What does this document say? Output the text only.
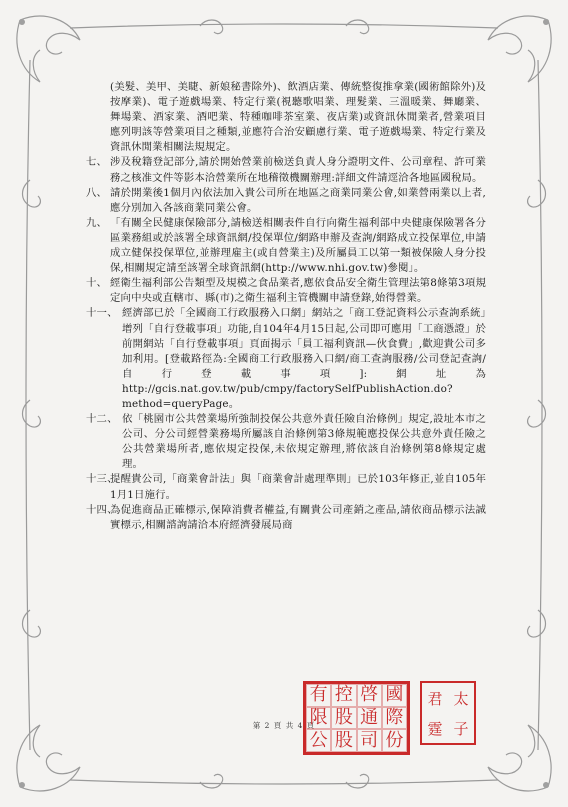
(美髮、美甲、美睫、新娘秘書除外)、飲酒店業、傳統整復推拿業(國術館除外)及按摩業)、電子遊戲場業、特定行業(視聽歌唱業、理髮業、三溫暖業、舞廳業、舞場業、酒家業、酒吧業、特種咖啡茶室業、夜店業)或資訊休閒業者,營業項目應列明該等營業項目之種類,並應符合治安顧慮行業、電子遊戲場業、特定行業及資訊休閒業相關法規規定。

七、 涉及稅籍登記部分,請於開始營業前檢送負責人身分證明文件、公司章程、許可業務之核准文件等影本洽營業所在地稽徵機關辦理:詳細文件請逕洽各地區國稅局。

八、 請於開業後1個月內依法加入貴公司所在地區之商業同業公會,如業營兩業以上者,應分別加入各該商業同業公會。

九、 「有關全民健康保險部分,請檢送相關表件自行向衛生福利部中央健康保險署各分區業務組或於該署全球資訊網/投保單位/網路申辦及查詢/網路成立投保單位,申請成立健保投保單位,並辦理雇主(或自營業主)及所屬員工以第一類被保險人身分投保,相關規定請至該署全球資訊網(http://www.nhi.gov.tw)參閱」。

十、 經衛生福利部公告類型及規模之食品業者,應依食品安全衛生管理法第8條第3項規定向中央或直轄市、縣(市)之衛生福利主管機關申請登錄,始得營業。

十一、 經濟部已於「全國商工行政服務入口網」網站之「商工登記資料公示查詢系統」增列「自行登載事項」功能,自104年4月15日起,公司即可應用「工商憑證」於前開網站「自行登載事項」頁面揭示「員工福利資訊—伙食費」,歡迎貴公司多加利用。[登載路徑為:全國商工行政服務入口網/商工查詢服務/公司登記查詢/自行登載事項]:網址為http://gcis.nat.gov.tw/pub/cmpy/factorySelfPublishAction.do?method=queryPage。

十二、 依「桃園市公共營業場所強制投保公共意外責任險自治條例」規定,設址本市之公司、分公司經營業務場所屬該自治條例第3條規範應投保公共意外責任險之公共營業場所者,應依規定投保,未依規定辦理,將依該自治條例第8條規定處理。

十三、
提醒貴公司,「商業會計法」與「商業會計處理準則」已於103年修正,並自105年1月1日施行。

十四、
為促進商品正確標示,保障消費者權益,有關貴公司產銷之產品,請依商品標示法誠實標示,相關諮詢請洽本府經濟發展局商

第 2 頁 共 4 頁
有 控 啓 國
限 股 通 際
公 股 司 份
君 太
霆 子
